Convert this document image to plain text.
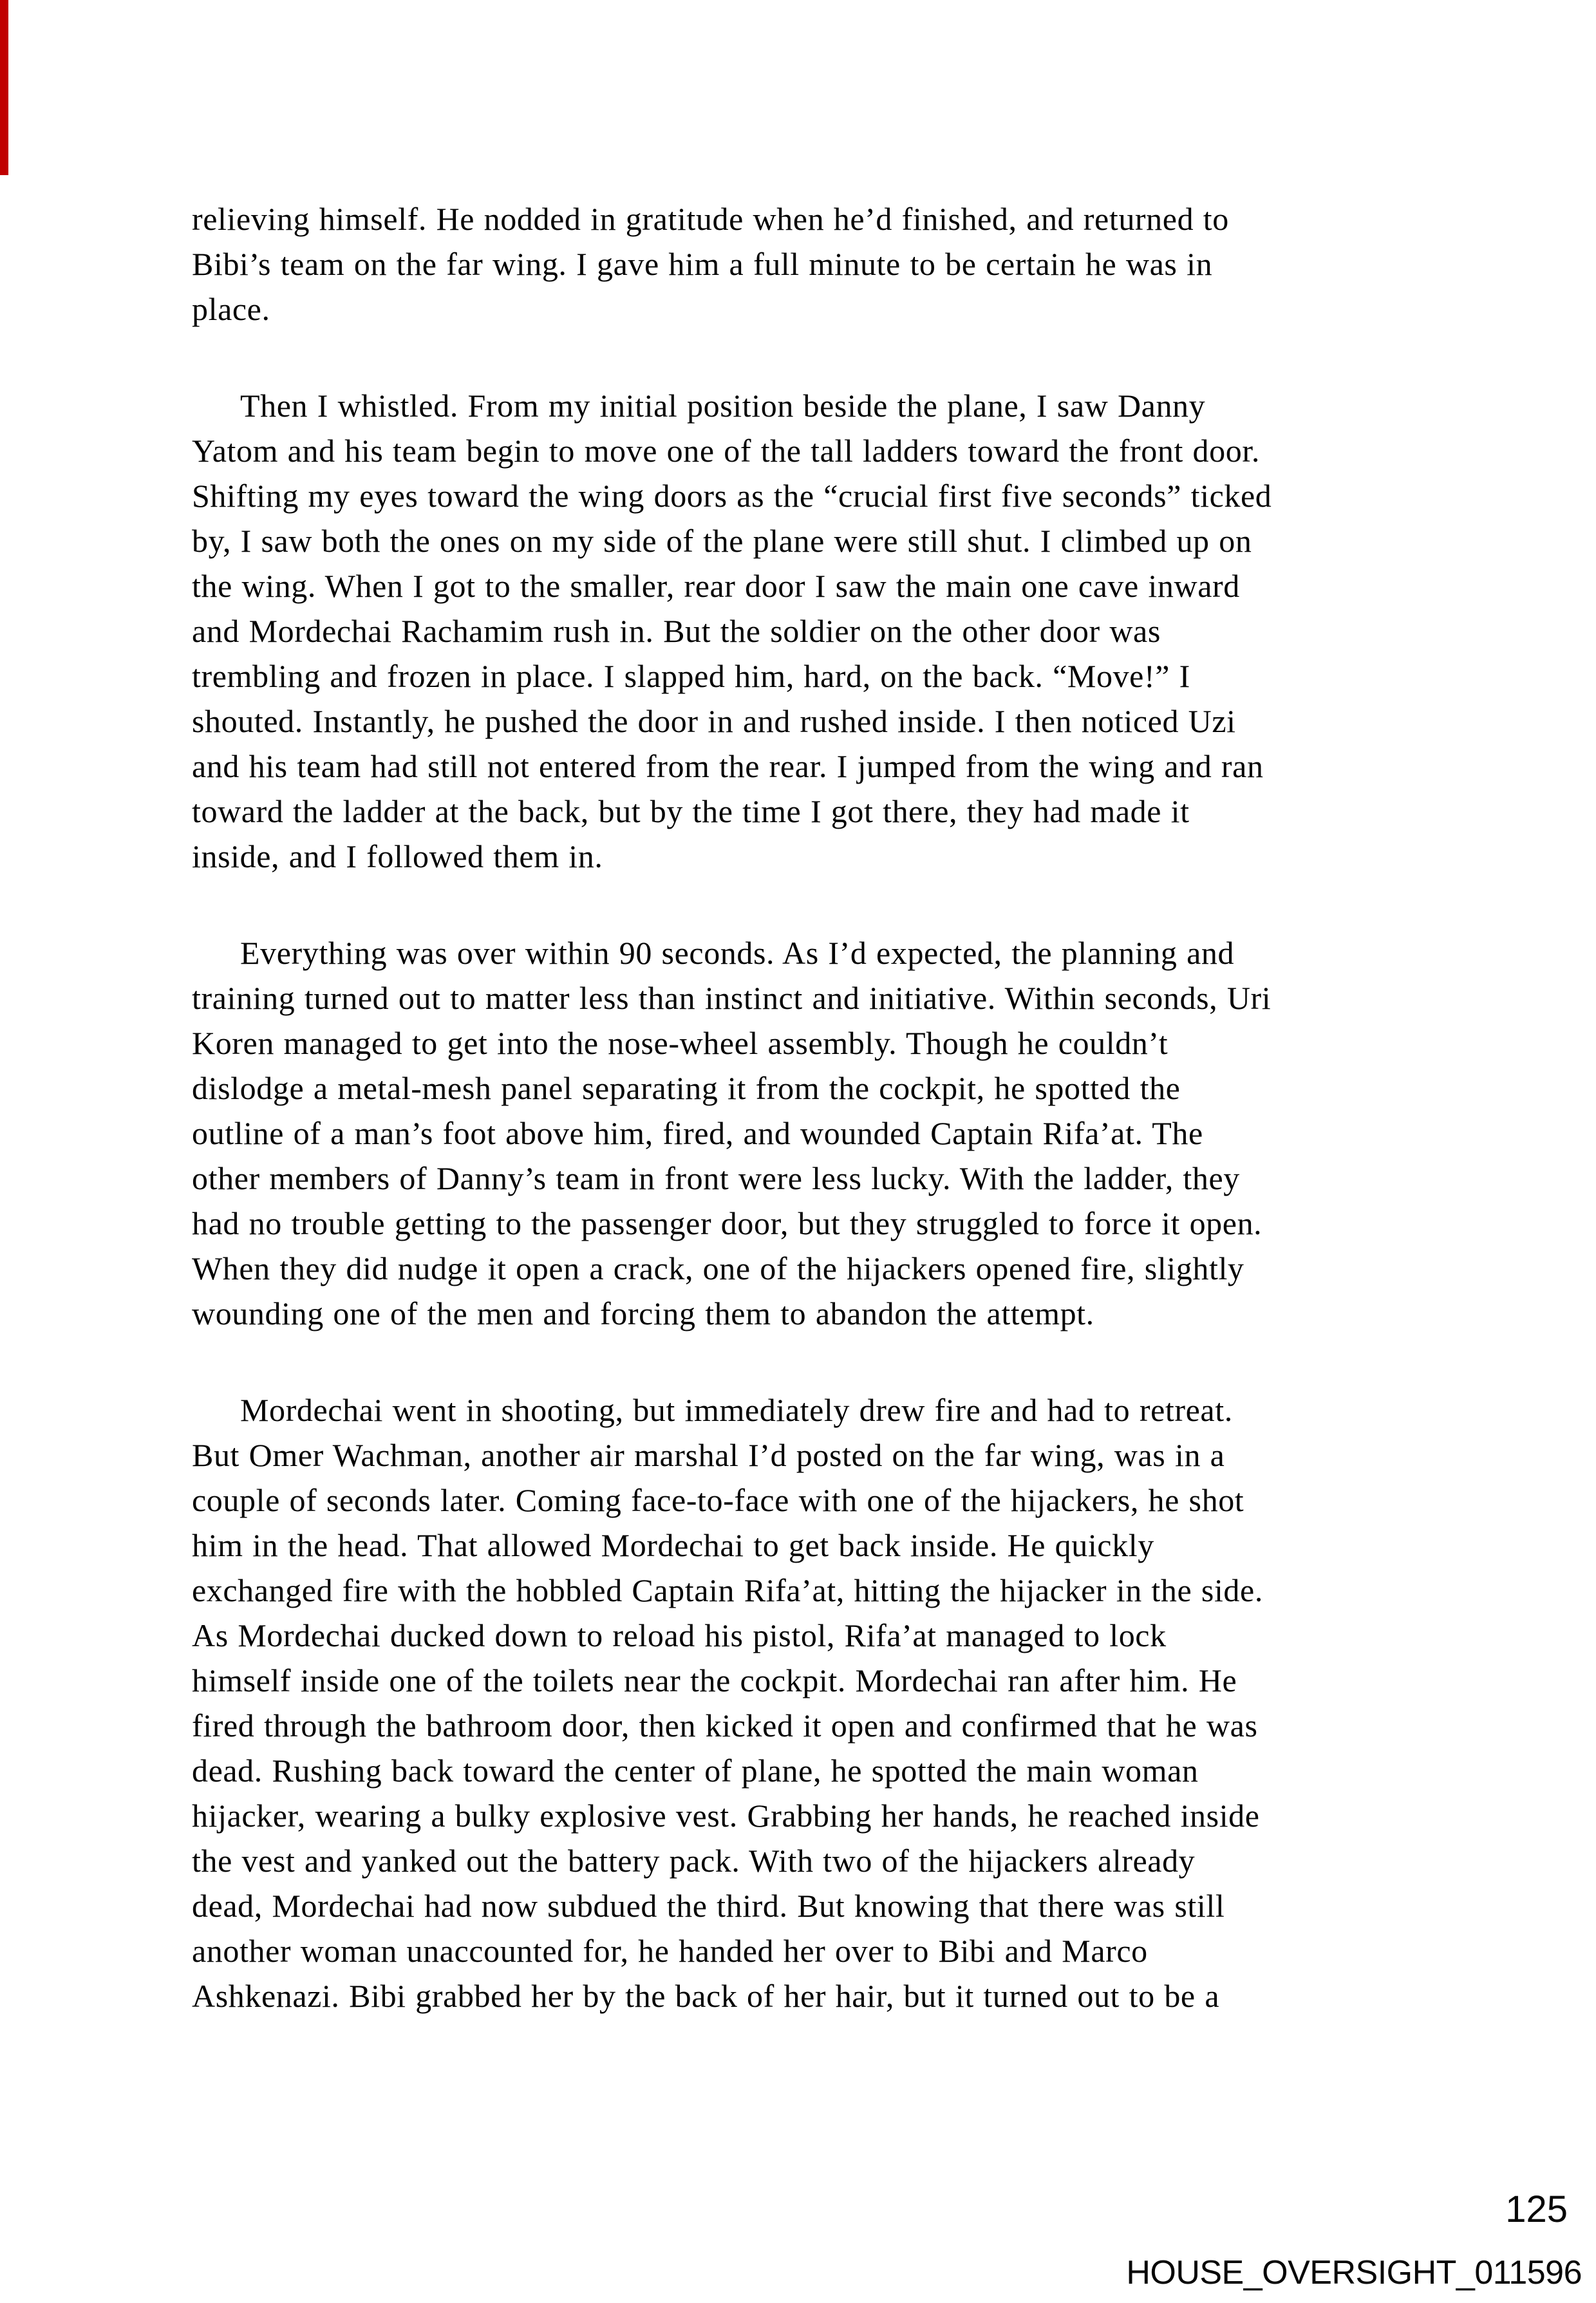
relieving himself. He nodded in gratitude when he’d finished, and returned to
Bibi’s team on the far wing. I gave him a full minute to be certain he was in
place.
Then I whistled. From my initial position beside the plane, I saw Danny
Yatom and his team begin to move one of the tall ladders toward the front door.
Shifting my eyes toward the wing doors as the “crucial first five seconds” ticked
by, I saw both the ones on my side of the plane were still shut. I climbed up on
the wing. When I got to the smaller, rear door I saw the main one cave inward
and Mordechai Rachamim rush in. But the soldier on the other door was
trembling and frozen in place. I slapped him, hard, on the back. “Move!” I
shouted. Instantly, he pushed the door in and rushed inside. I then noticed Uzi
and his team had still not entered from the rear. I jumped from the wing and ran
toward the ladder at the back, but by the time I got there, they had made it
inside, and I followed them in.
Everything was over within 90 seconds. As I’d expected, the planning and
training turned out to matter less than instinct and initiative. Within seconds, Uri
Koren managed to get into the nose-wheel assembly. Though he couldn’t
dislodge a metal-mesh panel separating it from the cockpit, he spotted the
outline of a man’s foot above him, fired, and wounded Captain Rifa’at. The
other members of Danny’s team in front were less lucky. With the ladder, they
had no trouble getting to the passenger door, but they struggled to force it open.
When they did nudge it open a crack, one of the hijackers opened fire, slightly
wounding one of the men and forcing them to abandon the attempt.
Mordechai went in shooting, but immediately drew fire and had to retreat.
But Omer Wachman, another air marshal I’d posted on the far wing, was in a
couple of seconds later. Coming face-to-face with one of the hijackers, he shot
him in the head. That allowed Mordechai to get back inside. He quickly
exchanged fire with the hobbled Captain Rifa’at, hitting the hijacker in the side.
As Mordechai ducked down to reload his pistol, Rifa’at managed to lock
himself inside one of the toilets near the cockpit. Mordechai ran after him. He
fired through the bathroom door, then kicked it open and confirmed that he was
dead. Rushing back toward the center of plane, he spotted the main woman
hijacker, wearing a bulky explosive vest. Grabbing her hands, he reached inside
the vest and yanked out the battery pack. With two of the hijackers already
dead, Mordechai had now subdued the third. But knowing that there was still
another woman unaccounted for, he handed her over to Bibi and Marco
Ashkenazi. Bibi grabbed her by the back of her hair, but it turned out to be a
125
HOUSE_OVERSIGHT_011596
